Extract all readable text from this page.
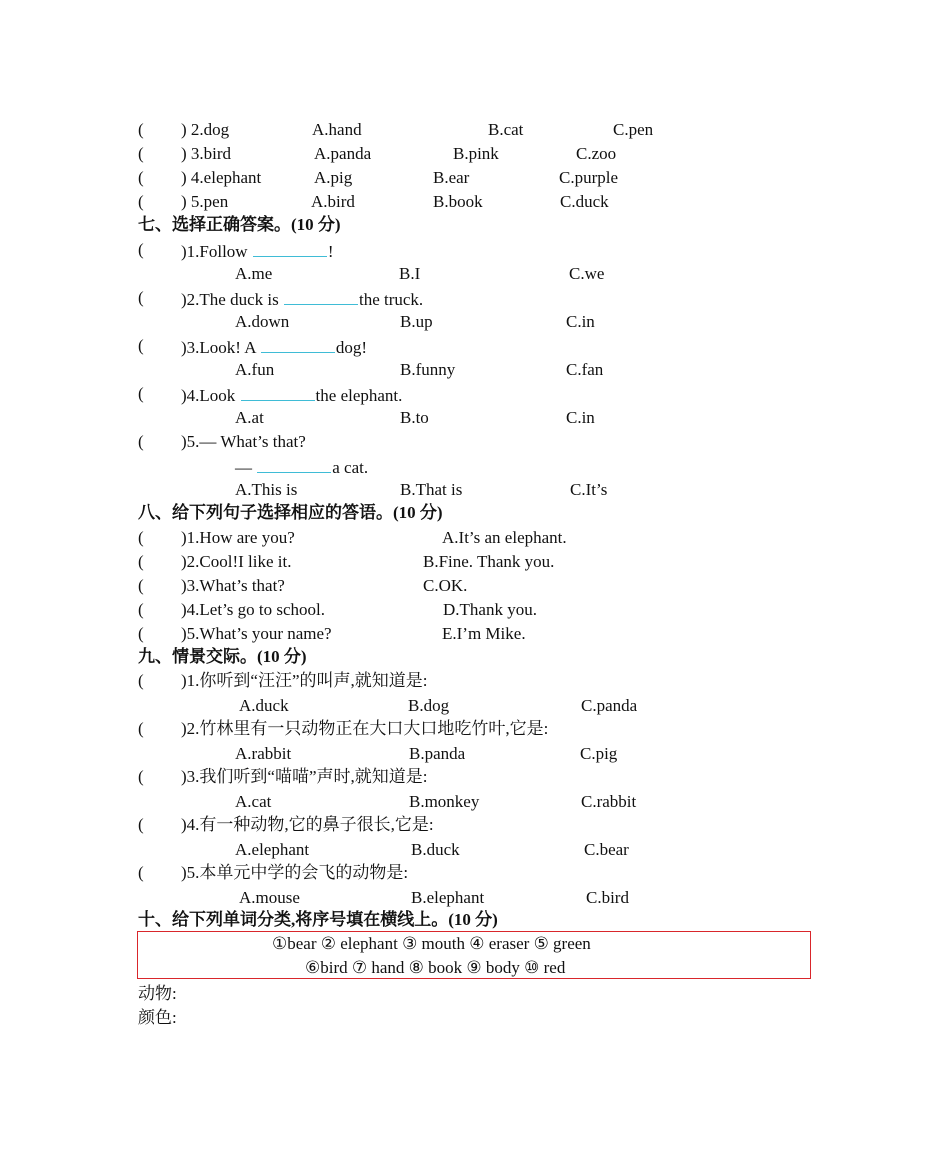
( ) 2.dog	A.hand	B.cat	C.pen
( ) 3.bird	A.panda	B.pink	C.zoo
( ) 4.elephant	A.pig	B.ear	C.purple
( ) 5.pen	A.bird	B.book	C.duck
七、选择正确答案。(10 分)
( )1.Follow	!
A.me	B.I	C.we
( )2.The duck is	the truck.
A.down	B.up	C.in
( )3.Look! A	dog!
A.fun	B.funny	C.fan
( )4.Look	the elephant.
A.at	B.to	C.in
( )5.— What’s that?
—	a cat.
A.This is	B.That is	C.It’s
八、给下列句子选择相应的答语。(10 分)
( )1.How are you?	A.It’s an elephant.
( )2.Cool!I like it.	B.Fine. Thank you.
( )3.What’s that?	C.OK.
( )4.Let’s go to school.	D.Thank you.
( )5.What’s your name?	E.I’m Mike.
九、情景交际。(10 分)
( )1.你听到“汪汪”的叫声,就知道是:
A.duck	B.dog	C.panda
( )2.竹林里有一只动物正在大口大口地吃竹叶,它是:
A.rabbit	B.panda	C.pig
( )3.我们听到“喵喵”声时,就知道是:
A.cat	B.monkey	C.rabbit
( )4.有一种动物,它的鼻子很长,它是:
A.elephant	B.duck	C.bear
( )5.本单元中学的会飞的动物是:
A.mouse	B.elephant	C.bird
十、给下列单词分类,将序号填在横线上。(10 分)
①bear ② elephant ③ mouth ④ eraser ⑤ green
⑥bird ⑦ hand ⑧ book ⑨ body ⑩ red
动物:
颜色:
